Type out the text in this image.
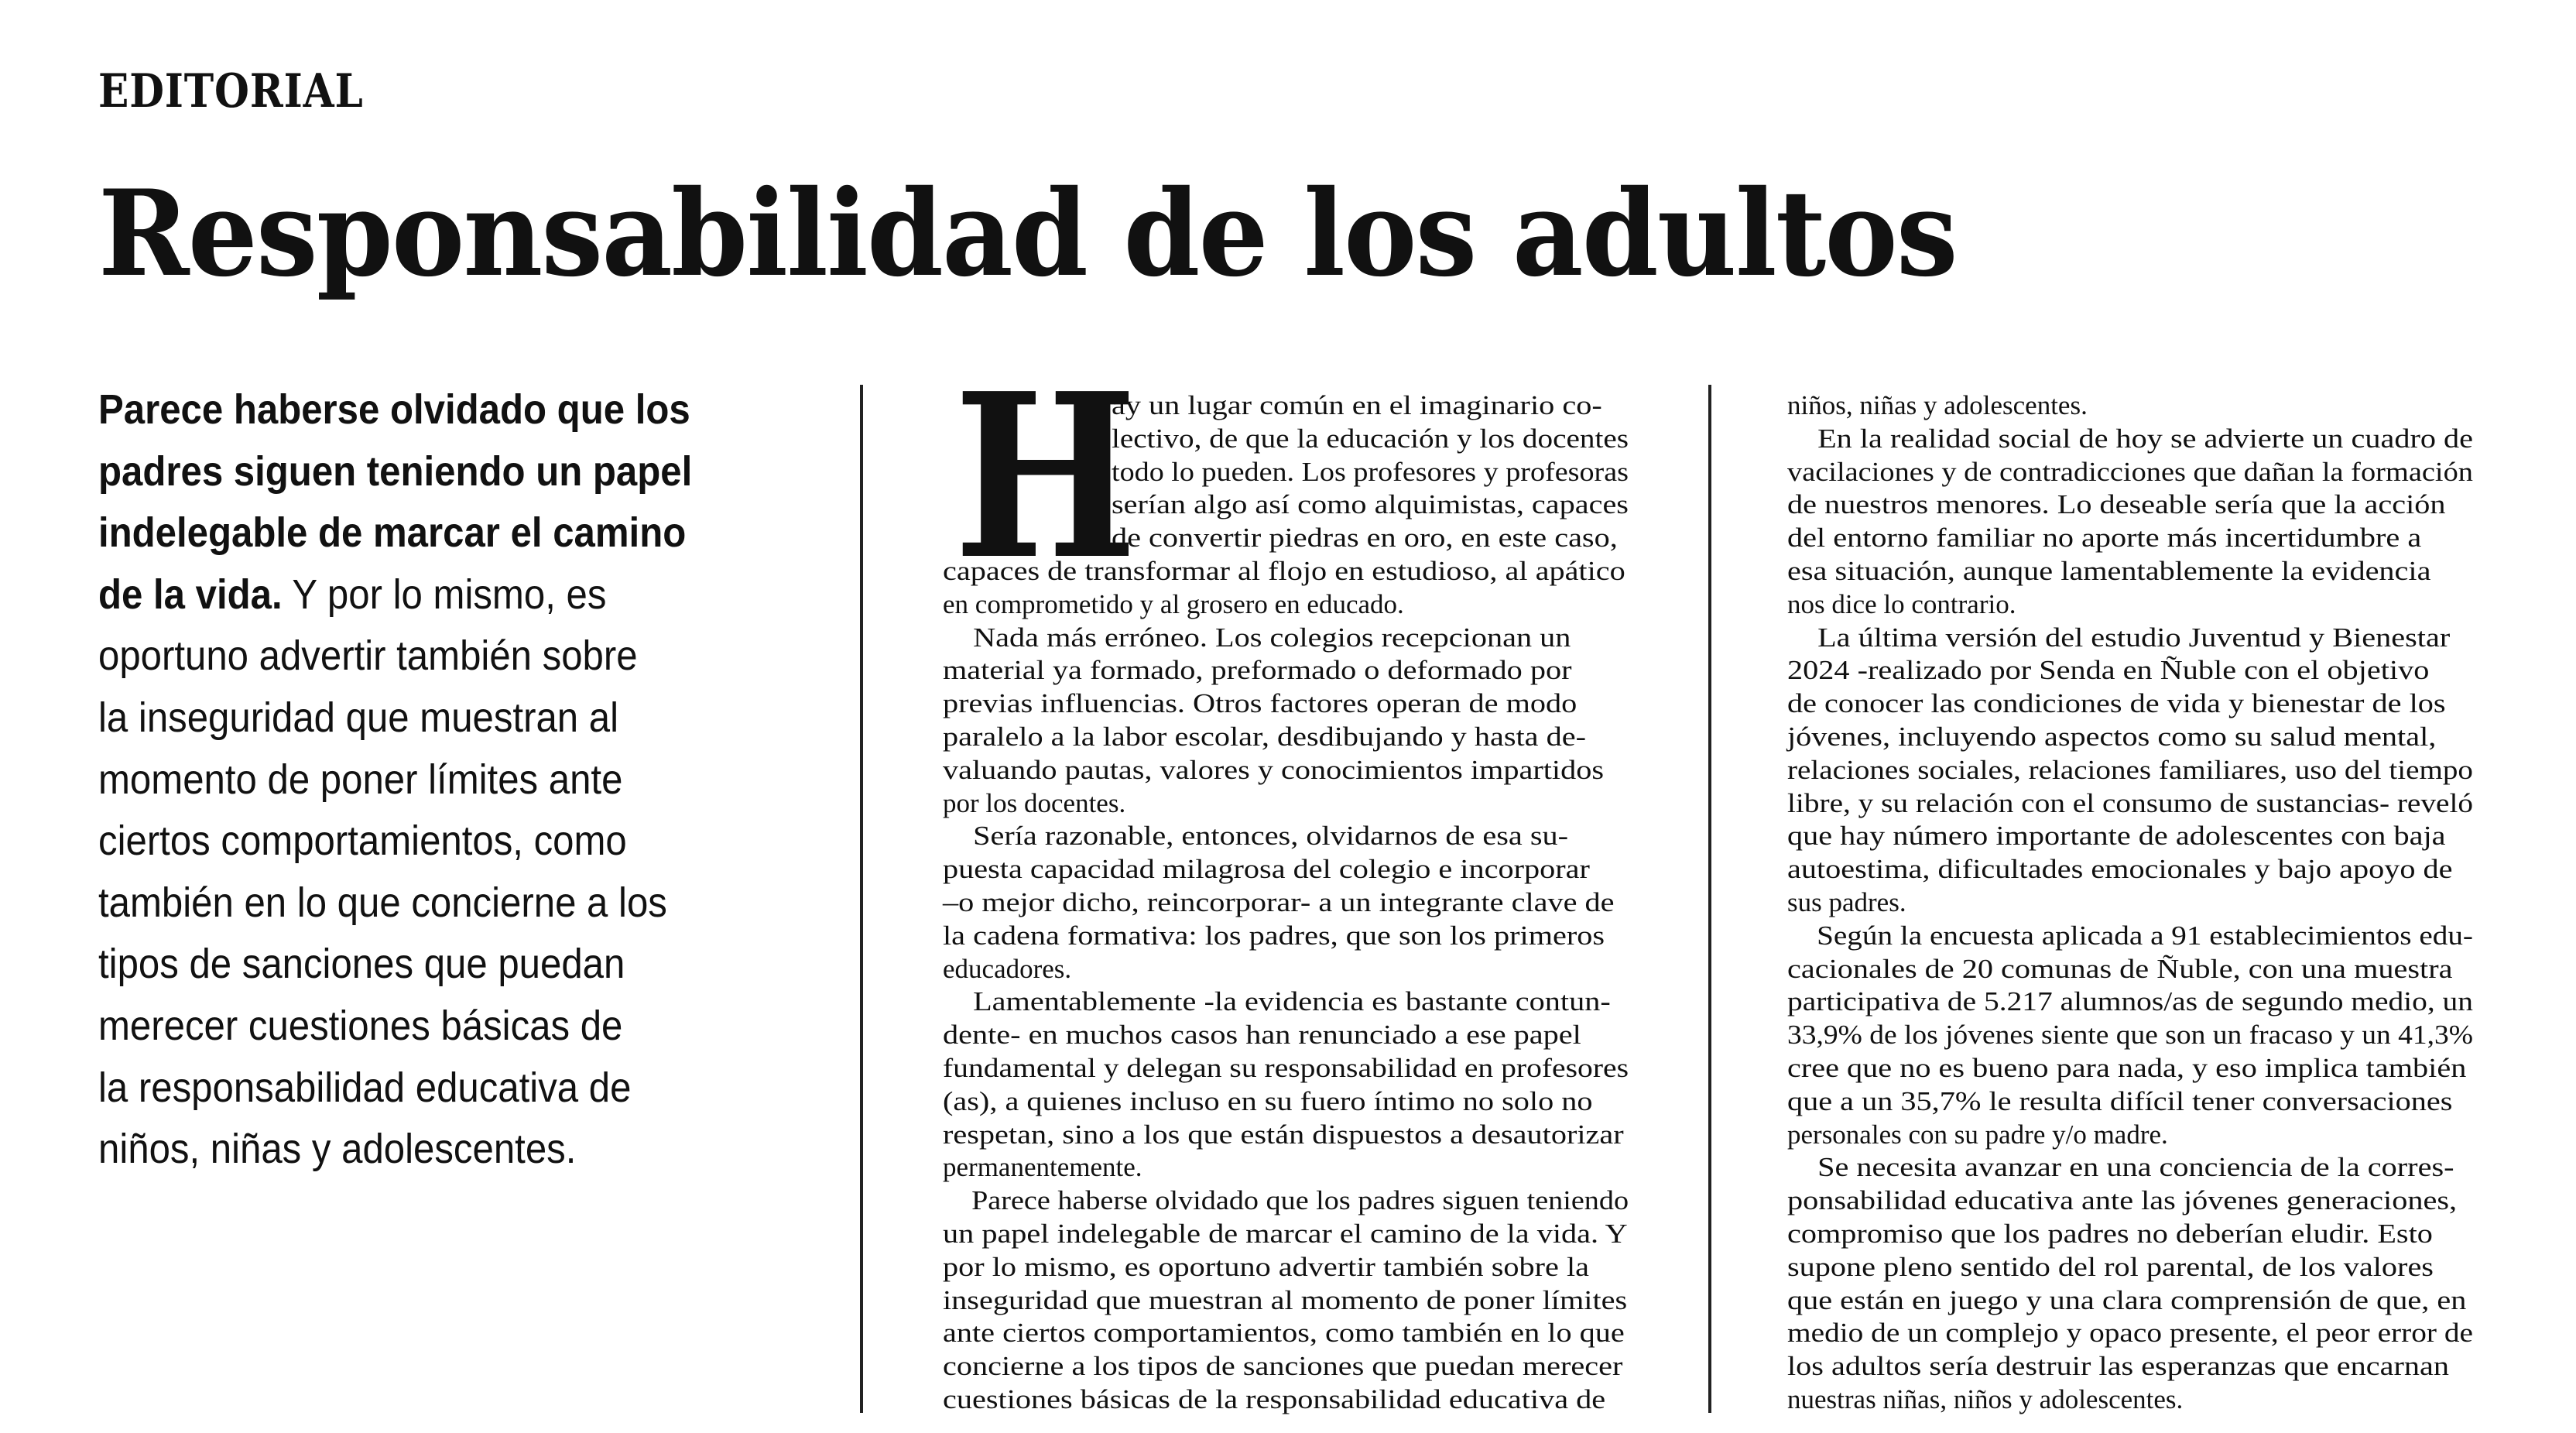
EDITORIAL
Responsabilidad de los adultos
Parece haberse olvidado que los
padres siguen teniendo un papel
indelegable de marcar el camino
de la vida. Y por lo mismo, es
oportuno advertir también sobre
la inseguridad que muestran al
momento de poner límites ante
ciertos comportamientos, como
también en lo que concierne a los
tipos de sanciones que puedan
merecer cuestiones básicas de
la responsabilidad educativa de
niños, niñas y adolescentes.
H
ay un lugar común en el imaginario co-
lectivo, de que la educación y los docentes
todo lo pueden. Los profesores y profesoras
serían algo así como alquimistas, capaces
de convertir piedras en oro, en este caso,
capaces de transformar al flojo en estudioso, al apático
en comprometido y al grosero en educado.
Nada más erróneo. Los colegios recepcionan un
material ya formado, preformado o deformado por
previas influencias. Otros factores operan de modo
paralelo a la labor escolar, desdibujando y hasta de-
valuando pautas, valores y conocimientos impartidos
por los docentes.
Sería razonable, entonces, olvidarnos de esa su-
puesta capacidad milagrosa del colegio e incorporar
–o mejor dicho, reincorporar- a un integrante clave de
la cadena formativa: los padres, que son los primeros
educadores.
Lamentablemente -la evidencia es bastante contun-
dente- en muchos casos han renunciado a ese papel
fundamental y delegan su responsabilidad en profesores
(as), a quienes incluso en su fuero íntimo no solo no
respetan, sino a los que están dispuestos a desautorizar
permanentemente.
Parece haberse olvidado que los padres siguen teniendo
un papel indelegable de marcar el camino de la vida. Y
por lo mismo, es oportuno advertir también sobre la
inseguridad que muestran al momento de poner límites
ante ciertos comportamientos, como también en lo que
concierne a los tipos de sanciones que puedan merecer
cuestiones básicas de la responsabilidad educativa de
niños, niñas y adolescentes.
En la realidad social de hoy se advierte un cuadro de
vacilaciones y de contradicciones que dañan la formación
de nuestros menores. Lo deseable sería que la acción
del entorno familiar no aporte más incertidumbre a
esa situación, aunque lamentablemente la evidencia
nos dice lo contrario.
La última versión del estudio Juventud y Bienestar
2024 -realizado por Senda en Ñuble con el objetivo
de conocer las condiciones de vida y bienestar de los
jóvenes, incluyendo aspectos como su salud mental,
relaciones sociales, relaciones familiares, uso del tiempo
libre, y su relación con el consumo de sustancias- reveló
que hay número importante de adolescentes con baja
autoestima, dificultades emocionales y bajo apoyo de
sus padres.
Según la encuesta aplicada a 91 establecimientos edu-
cacionales de 20 comunas de Ñuble, con una muestra
participativa de 5.217 alumnos/as de segundo medio, un
33,9% de los jóvenes siente que son un fracaso y un 41,3%
cree que no es bueno para nada, y eso implica también
que a un 35,7% le resulta difícil tener conversaciones
personales con su padre y/o madre.
Se necesita avanzar en una conciencia de la corres-
ponsabilidad educativa ante las jóvenes generaciones,
compromiso que los padres no deberían eludir. Esto
supone pleno sentido del rol parental, de los valores
que están en juego y una clara comprensión de que, en
medio de un complejo y opaco presente, el peor error de
los adultos sería destruir las esperanzas que encarnan
nuestras niñas, niños y adolescentes.
